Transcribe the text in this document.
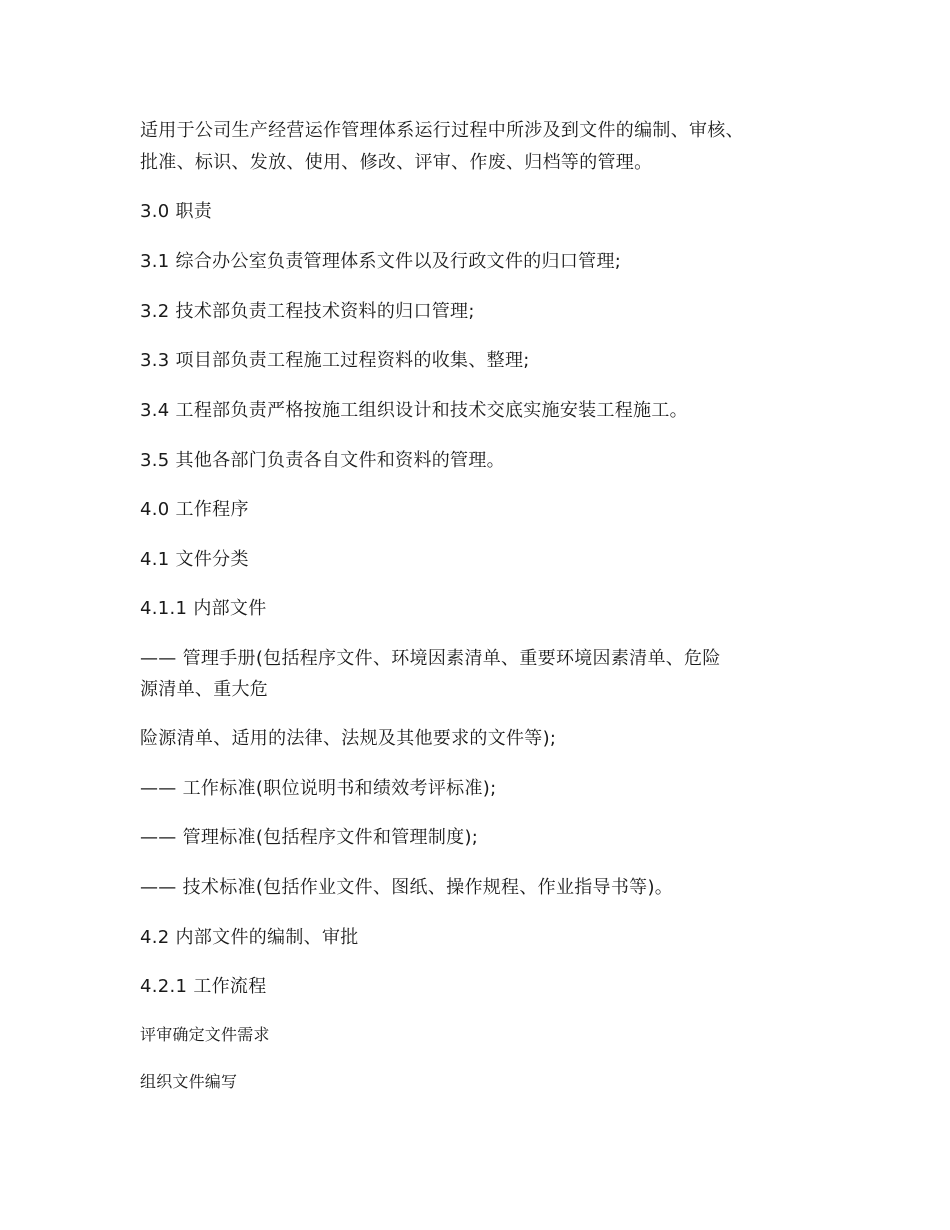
适用于公司生产经营运作管理体系运行过程中所涉及到文件的编制、审核、
批准、标识、发放、使用、修改、评审、作废、归档等的管理。
3.0 职责
3.1 综合办公室负责管理体系文件以及行政文件的归口管理;
3.2 技术部负责工程技术资料的归口管理;
3.3 项目部负责工程施工过程资料的收集、整理;
3.4 工程部负责严格按施工组织设计和技术交底实施安装工程施工。
3.5 其他各部门负责各自文件和资料的管理。
4.0 工作程序
4.1 文件分类
4.1.1 内部文件
—— 管理手册(包括程序文件、环境因素清单、重要环境因素清单、危险
源清单、重大危
险源清单、适用的法律、法规及其他要求的文件等);
—— 工作标准(职位说明书和绩效考评标准);
—— 管理标准(包括程序文件和管理制度);
—— 技术标准(包括作业文件、图纸、操作规程、作业指导书等)。
4.2 内部文件的编制、审批
4.2.1 工作流程
评审确定文件需求
组织文件编写
